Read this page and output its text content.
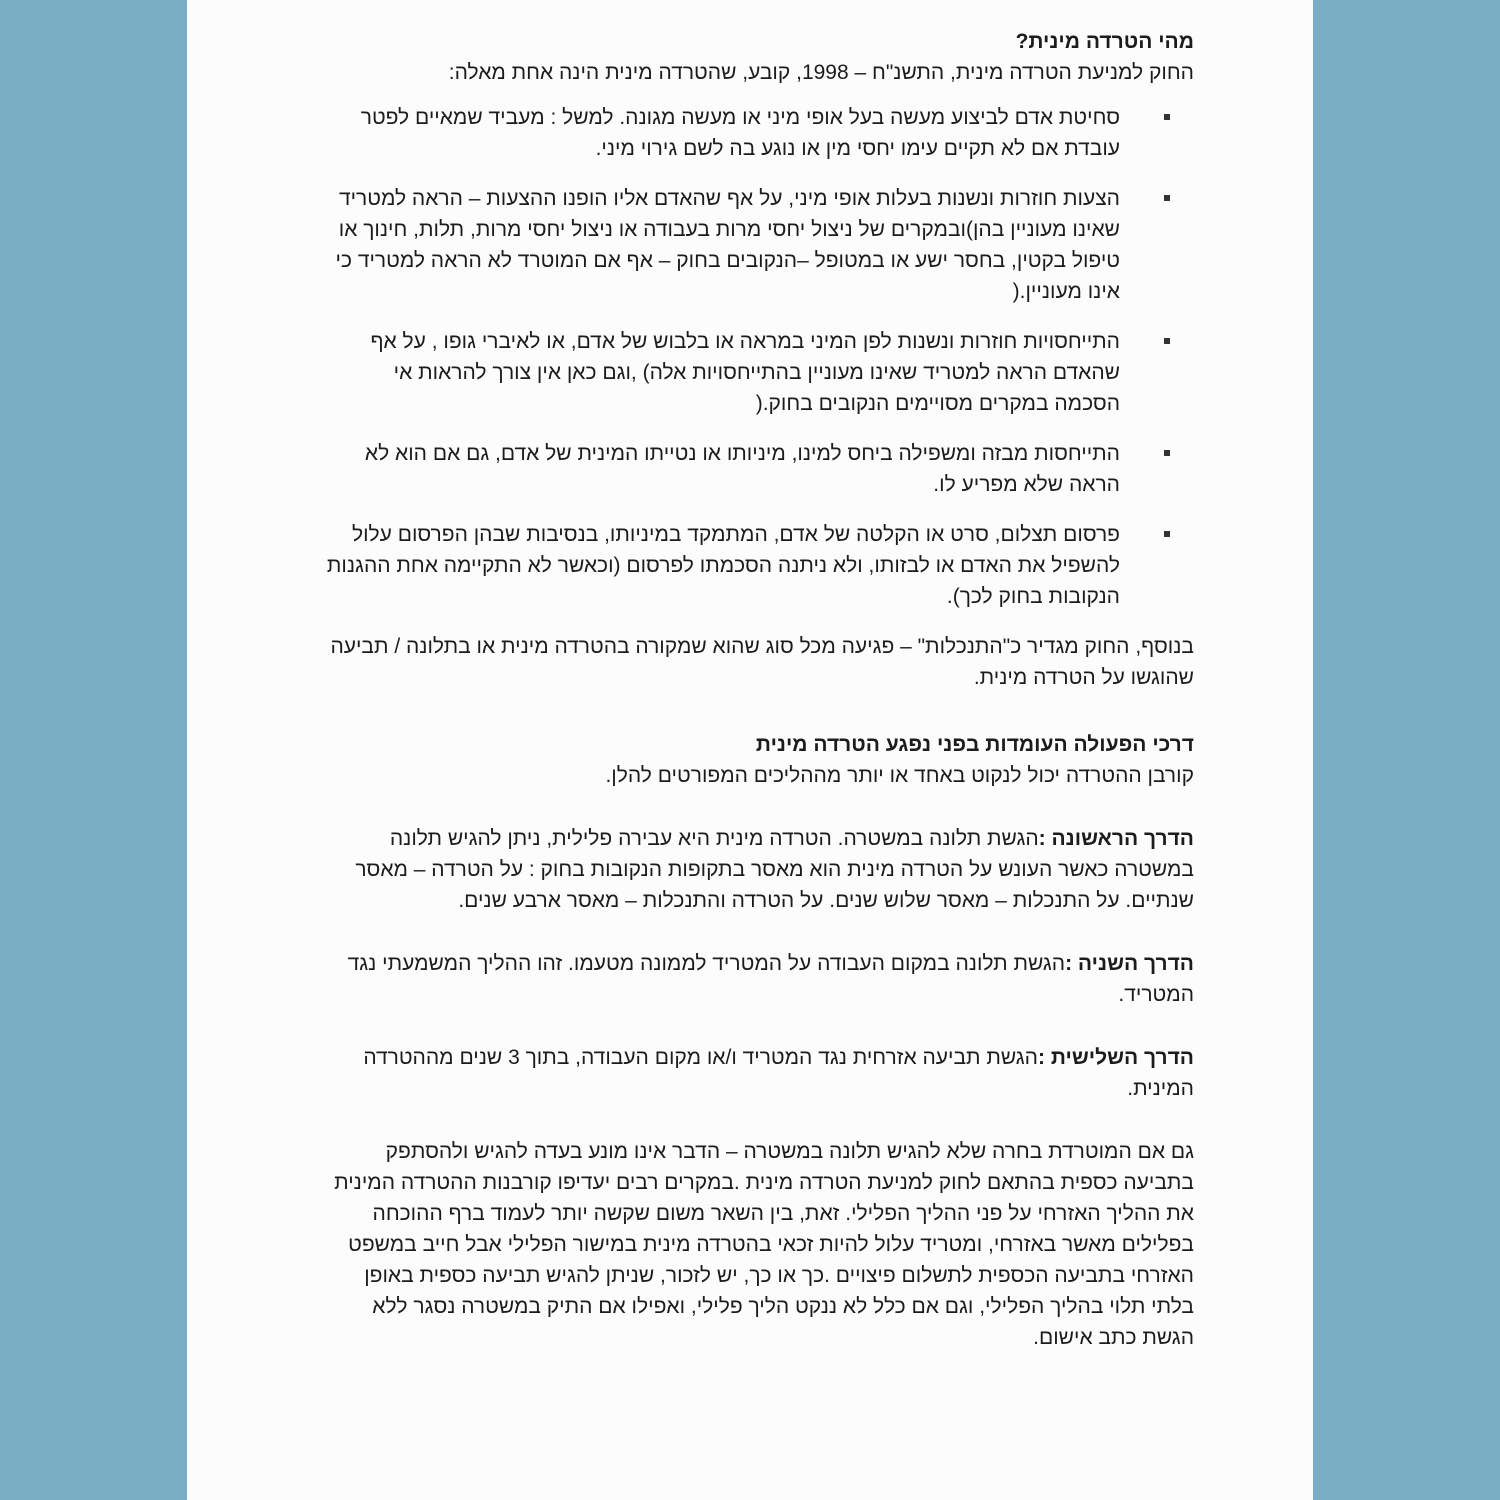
מהי הטרדה מינית?

החוק למניעת הטרדה מינית, התשנ"ח – 1998, קובע, שהטרדה מינית הינה אחת מאלה:

סחיטת אדם לביצוע מעשה בעל אופי מיני או מעשה מגונה. למשל : מעביד שמאיים לפטר עובדת אם לא תקיים עימו יחסי מין או נוגע בה לשם גירוי מיני.
הצעות חוזרות ונשנות בעלות אופי מיני, על אף שהאדם אליו הופנו ההצעות – הראה למטריד שאינו מעוניין בהן)ובמקרים של ניצול יחסי מרות בעבודה או ניצול יחסי מרות, תלות, חינוך או טיפול בקטין, בחסר ישע או במטופל –הנקובים בחוק – אף אם המוטרד לא הראה למטריד כי אינו מעוניין.(
התייחסויות חוזרות ונשנות לפן המיני במראה או בלבוש של אדם, או לאיברי גופו , על אף שהאדם הראה למטריד שאינו מעוניין בהתייחסויות אלה) ,וגם כאן אין צורך להראות אי הסכמה במקרים מסויימים הנקובים בחוק.(
התייחסות מבזה ומשפילה ביחס למינו, מיניותו או נטייתו המינית של אדם, גם אם הוא לא הראה שלא מפריע לו.
פרסום תצלום, סרט או הקלטה של אדם, המתמקד במיניותו, בנסיבות שבהן הפרסום עלול להשפיל את האדם או לבזותו, ולא ניתנה הסכמתו לפרסום (וכאשר לא התקיימה אחת ההגנות הנקובות בחוק לכך).

בנוסף, החוק מגדיר כ"התנכלות" – פגיעה מכל סוג שהוא שמקורה בהטרדה מינית או בתלונה / תביעה שהוגשו על הטרדה מינית.

דרכי הפעולה העומדות בפני נפגע הטרדה מינית

קורבן ההטרדה יכול לנקוט באחד או יותר מההליכים המפורטים להלן.

הדרך הראשונה :הגשת תלונה במשטרה. הטרדה מינית היא עבירה פלילית, ניתן להגיש תלונה במשטרה כאשר העונש על הטרדה מינית הוא מאסר בתקופות הנקובות בחוק : על הטרדה – מאסר שנתיים. על התנכלות – מאסר שלוש שנים. על הטרדה והתנכלות – מאסר ארבע שנים.

הדרך השניה :הגשת תלונה במקום העבודה על המטריד לממונה מטעמו. זהו ההליך המשמעתי נגד המטריד.

הדרך השלישית :הגשת תביעה אזרחית נגד המטריד ו/או מקום העבודה, בתוך 3 שנים מההטרדה המינית.

גם אם המוטרדת בחרה שלא להגיש תלונה במשטרה – הדבר אינו מונע בעדה להגיש ולהסתפק בתביעה כספית בהתאם לחוק למניעת הטרדה מינית .במקרים רבים יעדיפו קורבנות ההטרדה המינית את ההליך האזרחי על פני ההליך הפלילי. זאת, בין השאר משום שקשה יותר לעמוד ברף ההוכחה בפלילים מאשר באזרחי, ומטריד עלול להיות זכאי בהטרדה מינית במישור הפלילי אבל חייב במשפט האזרחי בתביעה הכספית לתשלום פיצויים .כך או כך, יש לזכור, שניתן להגיש תביעה כספית באופן בלתי תלוי בהליך הפלילי, וגם אם כלל לא ננקט הליך פלילי, ואפילו אם התיק במשטרה נסגר ללא הגשת כתב אישום.
